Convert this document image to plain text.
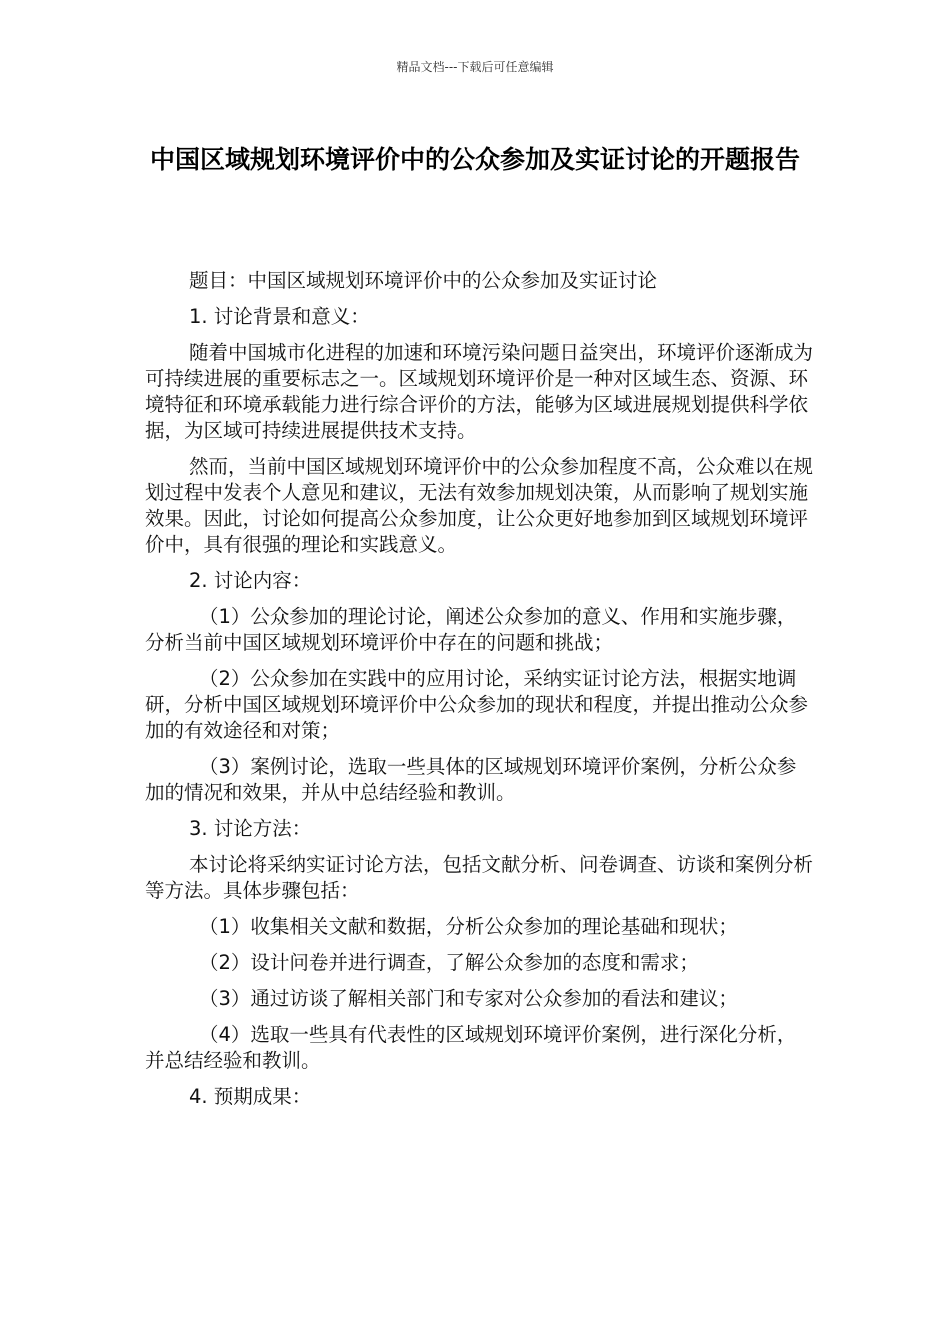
精品文档---下载后可任意编辑
中国区域规划环境评价中的公众参加及实证讨论的开题报告

题目：中国区域规划环境评价中的公众参加及实证讨论

1. 讨论背景和意义：

随着中国城市化进程的加速和环境污染问题日益突出，环境评价逐渐成为可持续进展的重要标志之一。区域规划环境评价是一种对区域生态、资源、环境特征和环境承载能力进行综合评价的方法，能够为区域进展规划提供科学依据，为区域可持续进展提供技术支持。

然而，当前中国区域规划环境评价中的公众参加程度不高，公众难以在规划过程中发表个人意见和建议，无法有效参加规划决策，从而影响了规划实施效果。因此，讨论如何提高公众参加度，让公众更好地参加到区域规划环境评价中，具有很强的理论和实践意义。

2. 讨论内容：

（1）公众参加的理论讨论，阐述公众参加的意义、作用和实施步骤，分析当前中国区域规划环境评价中存在的问题和挑战；

（2）公众参加在实践中的应用讨论，采纳实证讨论方法，根据实地调研，分析中国区域规划环境评价中公众参加的现状和程度，并提出推动公众参加的有效途径和对策；

（3）案例讨论，选取一些具体的区域规划环境评价案例，分析公众参加的情况和效果，并从中总结经验和教训。

3. 讨论方法：

本讨论将采纳实证讨论方法，包括文献分析、问卷调查、访谈和案例分析等方法。具体步骤包括：

（1）收集相关文献和数据，分析公众参加的理论基础和现状；

（2）设计问卷并进行调查，了解公众参加的态度和需求；

（3）通过访谈了解相关部门和专家对公众参加的看法和建议；

（4）选取一些具有代表性的区域规划环境评价案例，进行深化分析，并总结经验和教训。

4. 预期成果：
